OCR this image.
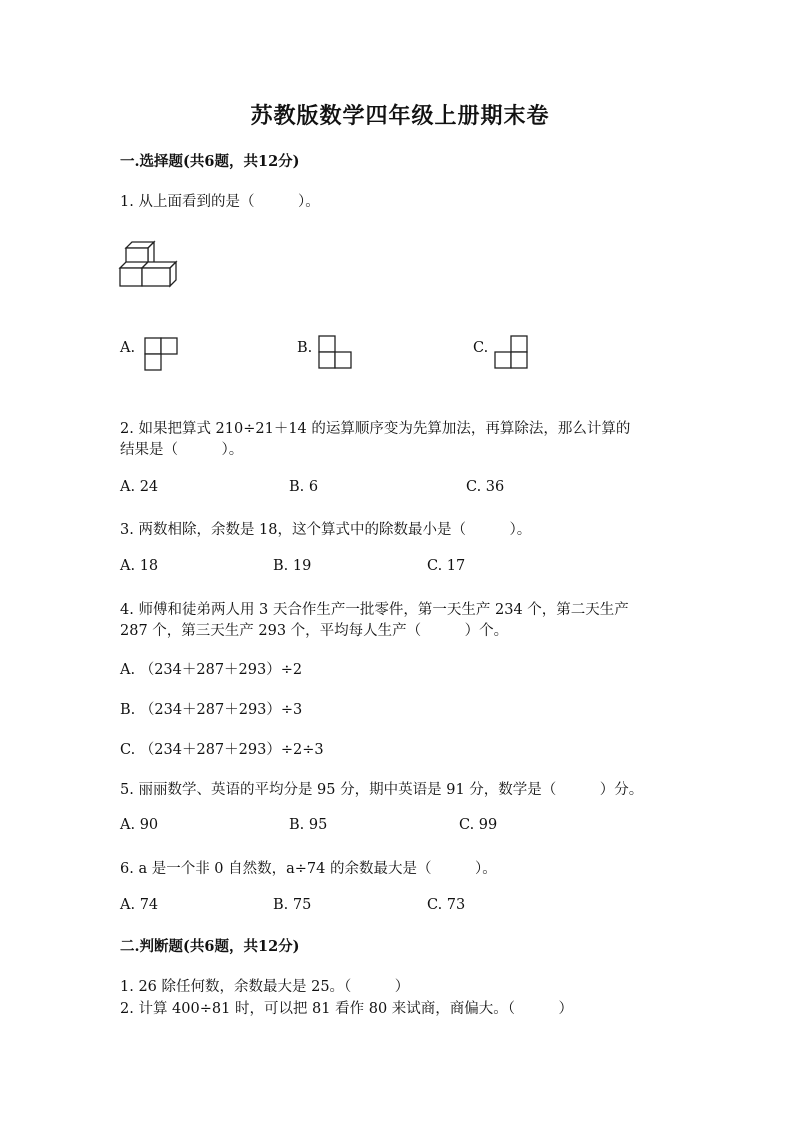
苏教版数学四年级上册期末卷
一.选择题(共6题，共12分)
1. 从上面看到的是（　　　）。
A.	B.	C.
2. 如果把算式 210÷21＋14 的运算顺序变为先算加法，再算除法，那么计算的
结果是（　　　）。
A. 24	B. 6	C. 36
3. 两数相除，余数是 18，这个算式中的除数最小是（　　　）。
A. 18	B. 19	C. 17
4. 师傅和徒弟两人用 3 天合作生产一批零件，第一天生产 234 个，第二天生产
287 个，第三天生产 293 个，平均每人生产（　　　）个。
A. （234＋287＋293）÷2
B. （234＋287＋293）÷3
C. （234＋287＋293）÷2÷3
5. 丽丽数学、英语的平均分是 95 分，期中英语是 91 分，数学是（　　　）分。
A. 90	B. 95	C. 99
6. a 是一个非 0 自然数，a÷74 的余数最大是（　　　）。
A. 74	B. 75	C. 73
二.判断题(共6题，共12分)
1. 26 除任何数，余数最大是 25。（　　　）
2. 计算 400÷81 时，可以把 81 看作 80 来试商，商偏大。（　　　）
